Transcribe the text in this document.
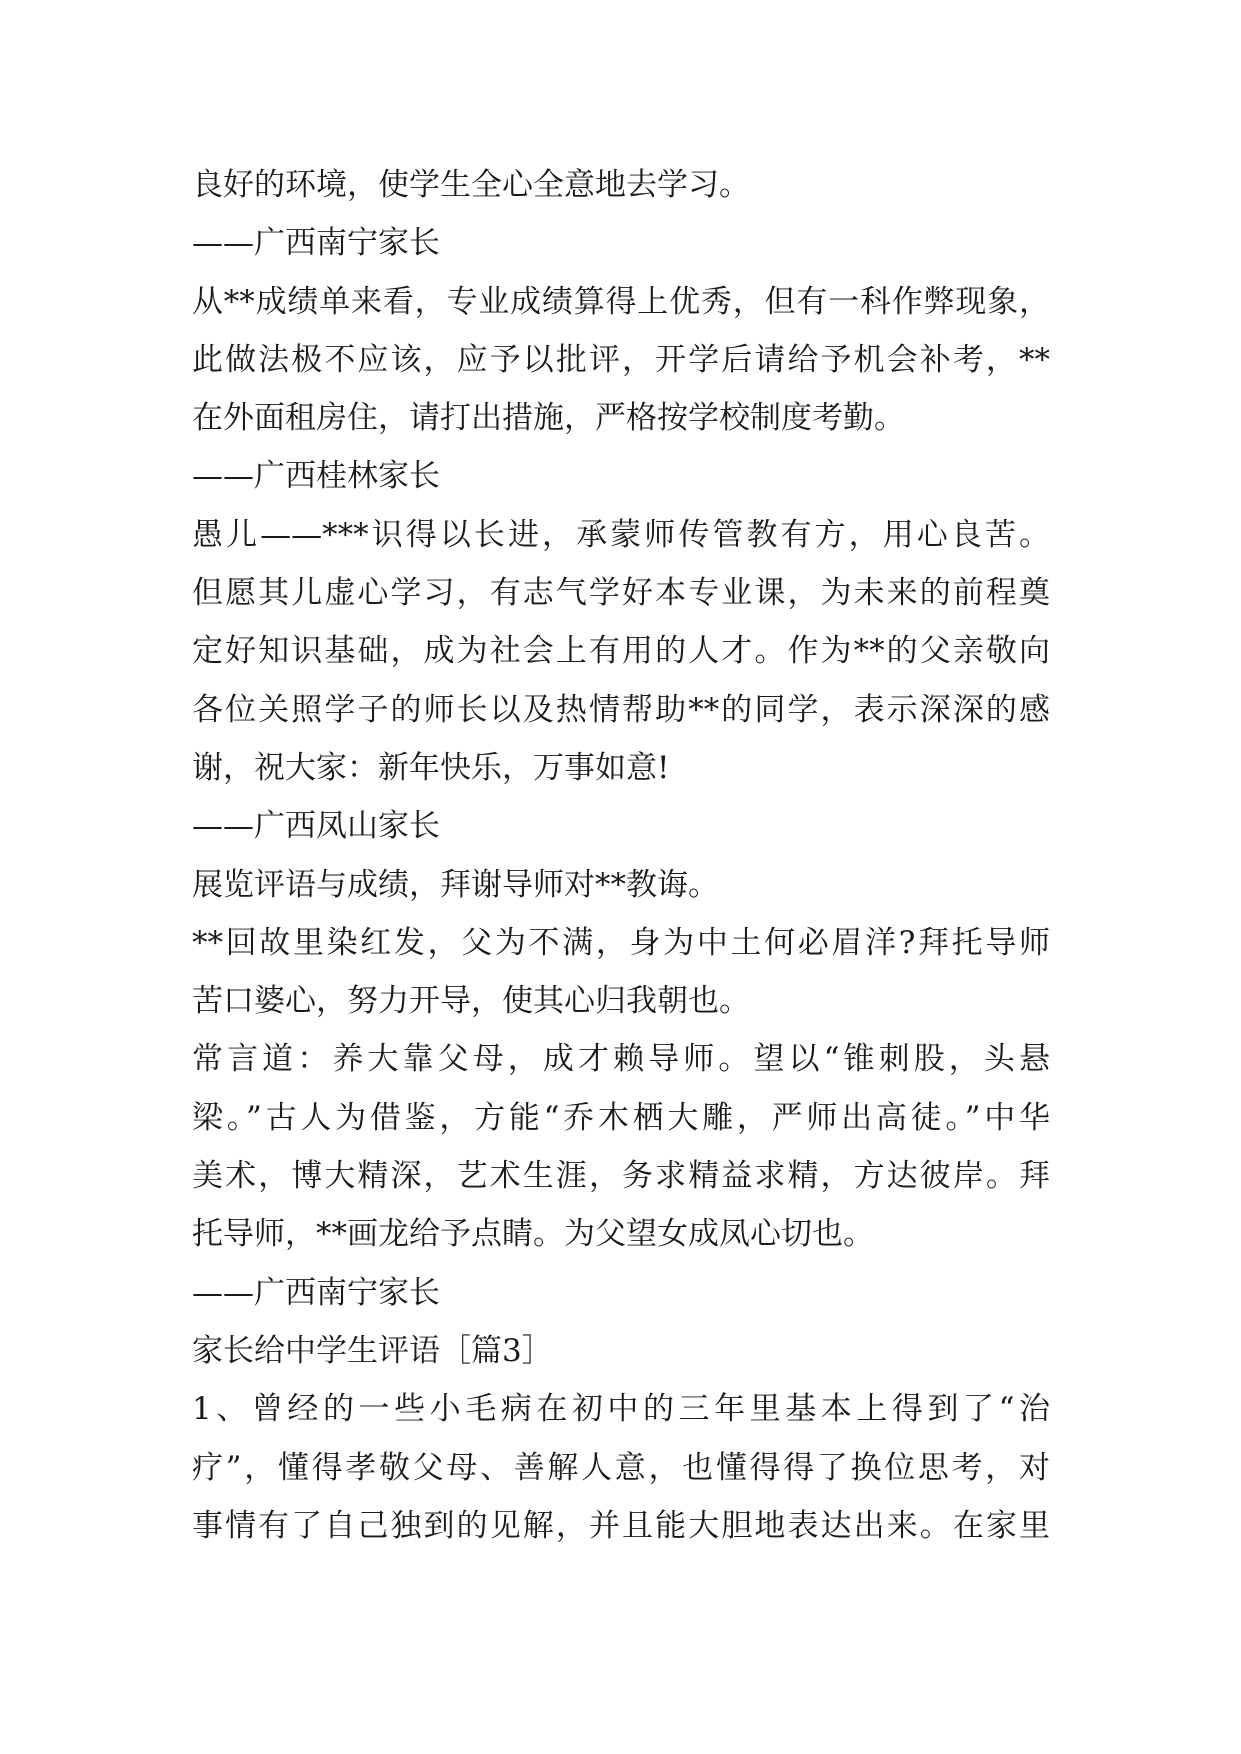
良好的环境，使学生全心全意地去学习。
——广西南宁家长
从**成绩单来看，专业成绩算得上优秀，但有一科作弊现象，
此做法极不应该，应予以批评，开学后请给予机会补考，**
在外面租房住，请打出措施，严格按学校制度考勤。
——广西桂林家长
愚儿——***识得以长进，承蒙师传管教有方，用心良苦。
但愿其儿虚心学习，有志气学好本专业课，为未来的前程奠
定好知识基础，成为社会上有用的人才。作为**的父亲敬向
各位关照学子的师长以及热情帮助**的同学，表示深深的感
谢，祝大家：新年快乐，万事如意!
——广西凤山家长
展览评语与成绩，拜谢导师对**教诲。
**回故里染红发，父为不满，身为中土何必眉洋?拜托导师
苦口婆心，努力开导，使其心归我朝也。
常言道：养大靠父母，成才赖导师。望以“锥刺股，头悬
梁。”古人为借鉴，方能“乔木栖大雕，严师出高徒。”中华
美术，博大精深，艺术生涯，务求精益求精，方达彼岸。拜
托导师，**画龙给予点睛。为父望女成凤心切也。
——广西南宁家长
家长给中学生评语［篇3］
1、曾经的一些小毛病在初中的三年里基本上得到了“治
疗”，懂得孝敬父母、善解人意，也懂得得了换位思考，对
事情有了自己独到的见解，并且能大胆地表达出来。在家里
